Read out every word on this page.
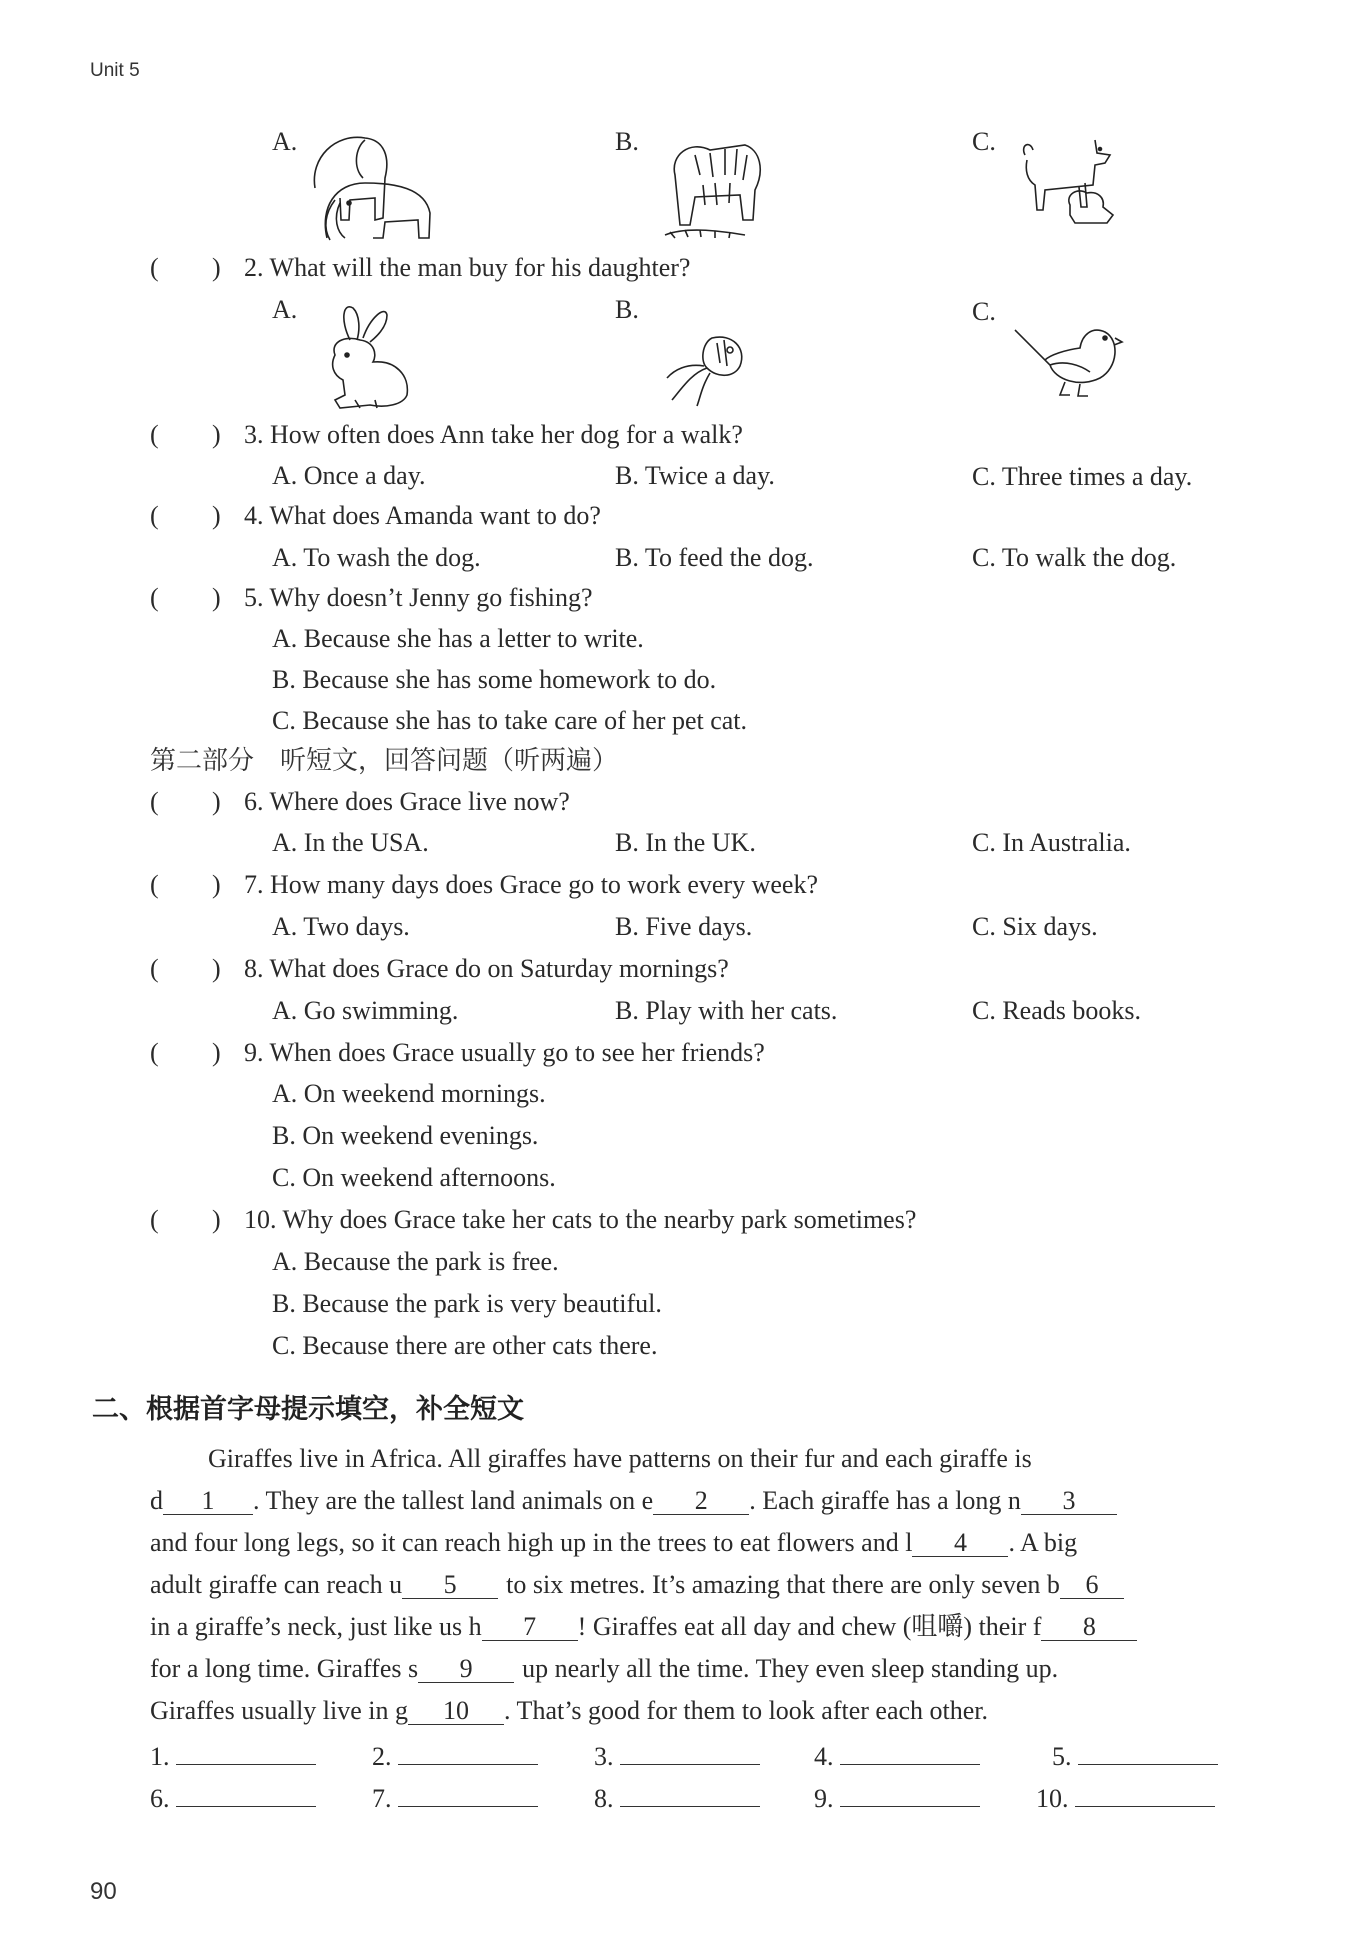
Unit 5
A.	B.	C.
( ) 2. What will the man buy for his daughter?
A.	B.	C.
( ) 3. How often does Ann take her dog for a walk?
A. Once a day.	B. Twice a day.	C. Three times a day.
( ) 4. What does Amanda want to do?
A. To wash the dog.	B. To feed the dog.	C. To walk the dog.
( ) 5. Why doesn’t Jenny go fishing?
A. Because she has a letter to write.
B. Because she has some homework to do.
C. Because she has to take care of her pet cat.
第二部分　听短文，回答问题（听两遍）
( ) 6. Where does Grace live now?
A. In the USA.	B. In the UK.	C. In Australia.
( ) 7. How many days does Grace go to work every week?
A. Two days.	B. Five days.	C. Six days.
( ) 8. What does Grace do on Saturday mornings?
A. Go swimming.	B. Play with her cats.	C. Reads books.
( ) 9. When does Grace usually go to see her friends?
A. On weekend mornings.
B. On weekend evenings.
C. On weekend afternoons.
( ) 10. Why does Grace take her cats to the nearby park sometimes?
A. Because the park is free.
B. Because the park is very beautiful.
C. Because there are other cats there.
二、根据首字母提示填空，补全短文
Giraffes live in Africa. All giraffes have patterns on their fur and each giraffe is
d 1 . They are the tallest land animals on e 2 . Each giraffe has a long n 3
and four long legs, so it can reach high up in the trees to eat flowers and l 4 . A big
adult giraffe can reach u 5 to six metres. It’s amazing that there are only seven b 6
in a giraffe’s neck, just like us h 7 ! Giraffes eat all day and chew (咀嚼) their f 8
for a long time. Giraffes s 9 up nearly all the time. They even sleep standing up.
Giraffes usually live in g 10 . That’s good for them to look after each other.
1.	2.	3.	4.	5.
6.	7.	8.	9.	10.
90
